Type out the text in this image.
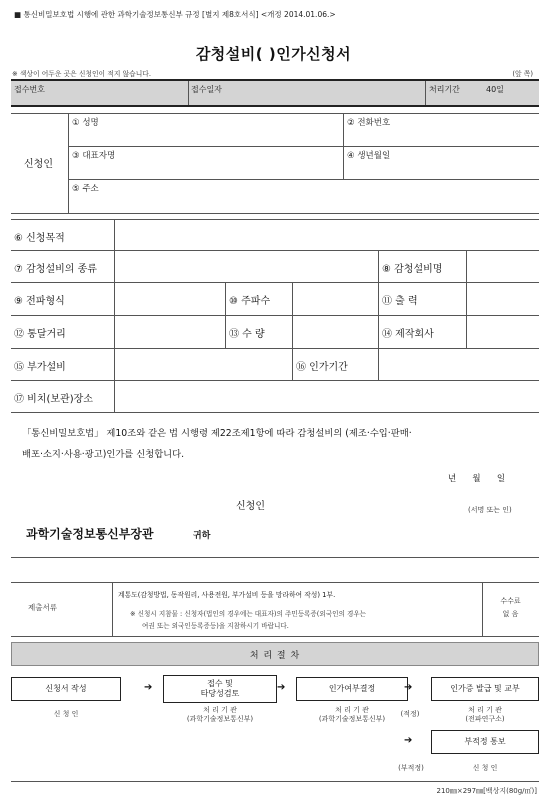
■ 통신비밀보호법 시행에 관한 과학기술정보통신부 규정 [별지 제8호서식] <개정 2014.01.06.>
감청설비( )인가신청서
※ 색상이 어두운 곳은 신청인이 적지 않습니다.	(앞 쪽)
접수번호	접수일자	처리기간	40일
신청인
① 성명	② 전화번호
③ 대표자명	④ 생년월일
⑤ 주소
⑥ 신청목적
⑦ 감청설비의 종류	⑧ 감청설비명
⑨ 전파형식	⑩ 주파수	⑪ 출 력
⑫ 통달거리	⑬ 수 량	⑭ 제작회사
⑮ 부가설비	⑯ 인가기간
⑰ 비치(보관)장소
「통신비밀보호법」 제10조와 같은 법 시행령 제22조제1항에 따라 감청설비의 (제조·수입·판매·
배포·소지·사용·광고)인가를 신청합니다.
년      월      일
신청인	(서명 또는 인)
과학기술정보통신부장관	귀하
제출서류
계통도(감청방법, 동작원리, 사용전원, 부가설비 등을 망라하여 작성) 1부.
※ 신청시 지참물 : 신청자(법인의 경우에는 대표자)의 주민등록증(외국인의 경우는
여권 또는 외국인등록증등)을 지참하시기 바랍니다.
수수료
없 음
처 리 절 차
신청서 작성	➔	접수 및
타당성검토
➔	인가여부결정	➔	인가증 발급 및 교부
신 청 인	처 리 기 관
(과학기술정보통신부)
처 리 기 관
(과학기술정보통신부)
(적정)	처 리 기 관
(전파연구소)
➔	부적정 통보
(부적정)	신 청 인
210㎜×297㎜[백상지(80g/㎡)]
